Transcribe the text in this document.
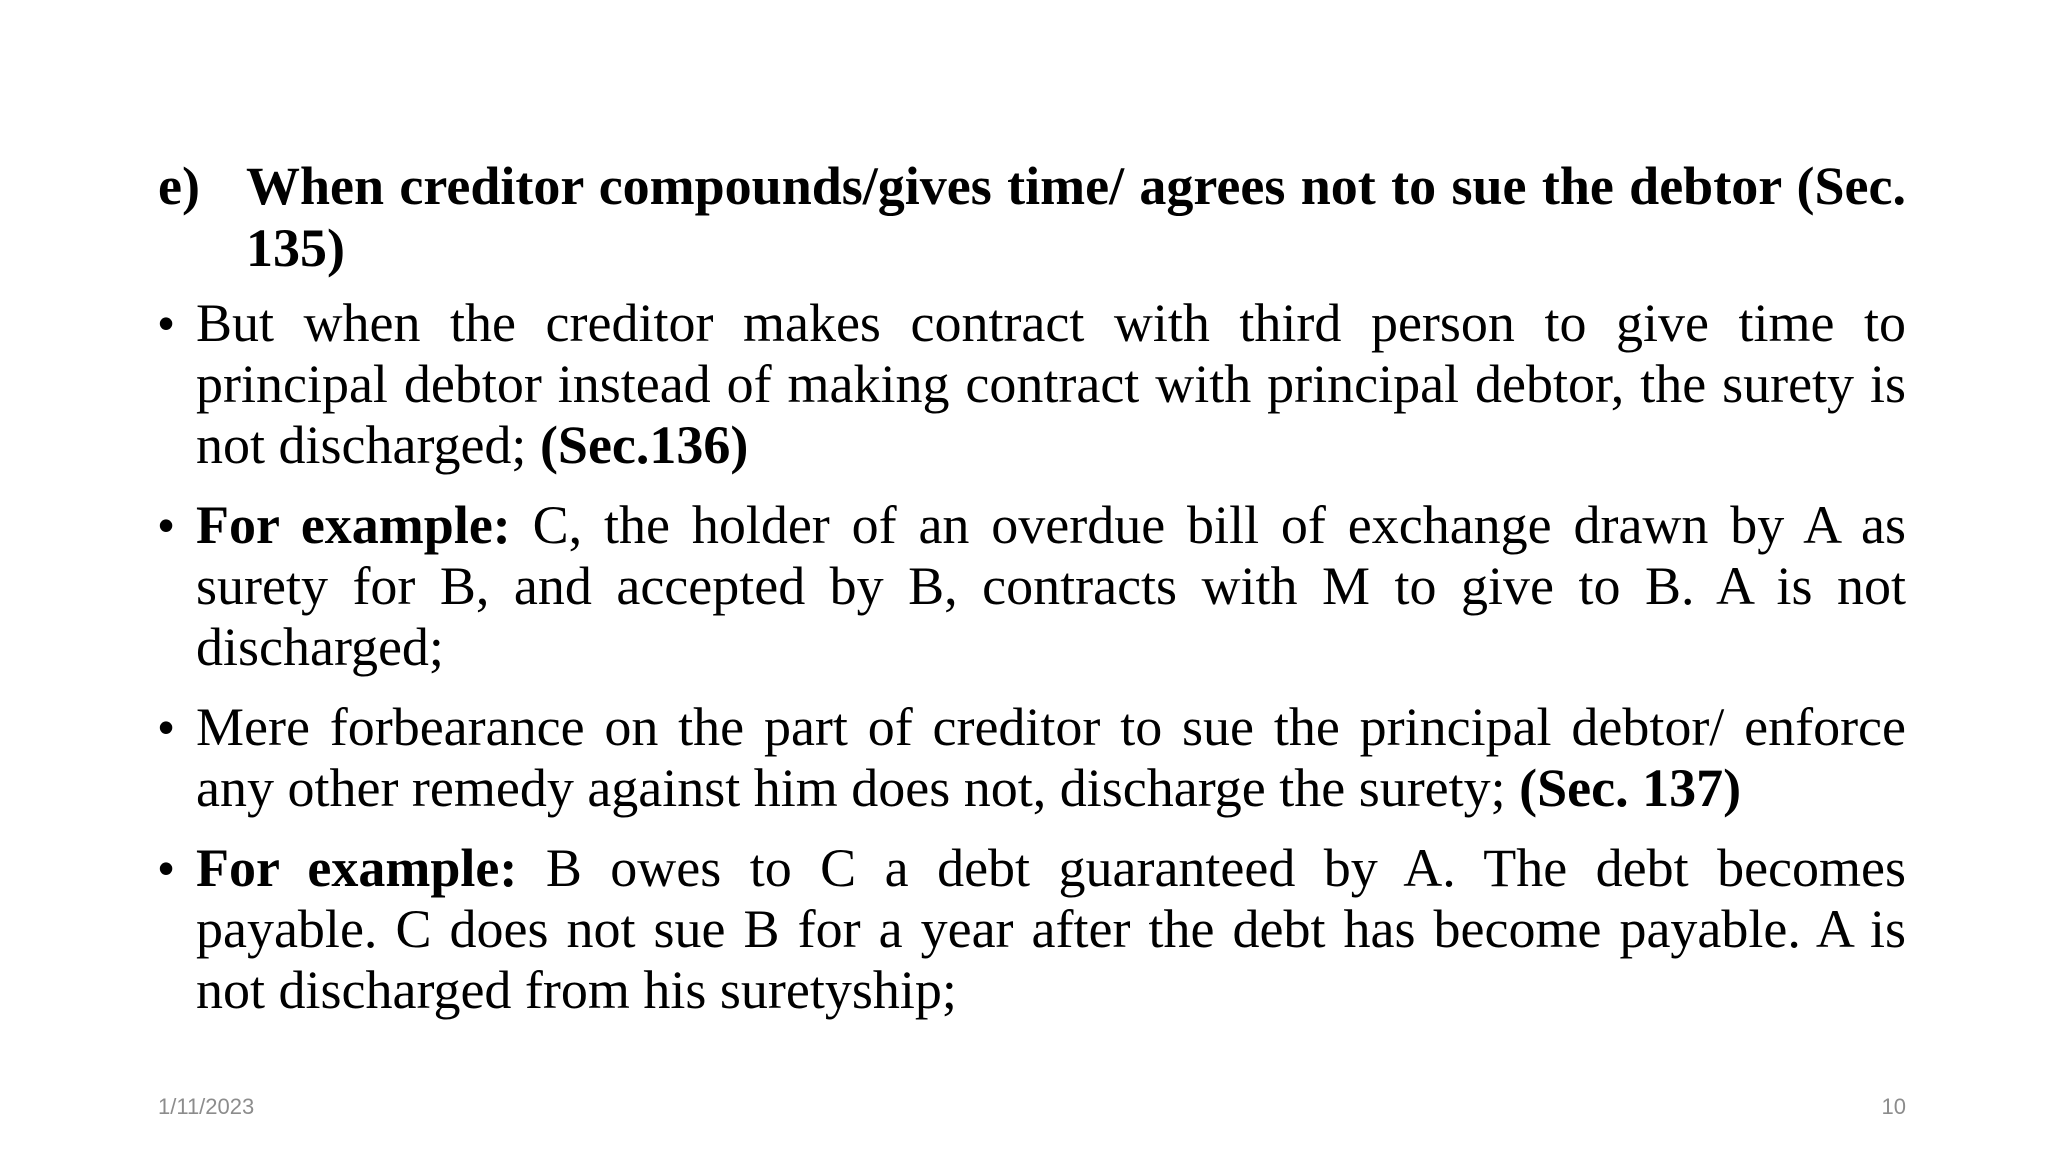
e) When creditor compounds/gives time/ agrees not to sue the debtor (Sec. 135)
• But when the creditor makes contract with third person to give time to principal debtor instead of making contract with principal debtor, the surety is not discharged; (Sec.136)
• For example: C, the holder of an overdue bill of exchange drawn by A as surety for B, and accepted by B, contracts with M to give to B. A is not discharged;
• Mere forbearance on the part of creditor to sue the principal debtor/ enforce any other remedy against him does not, discharge the surety; (Sec. 137)
• For example: B owes to C a debt guaranteed by A. The debt becomes payable. C does not sue B for a year after the debt has become payable. A is not discharged from his suretyship;
1/11/2023	10
